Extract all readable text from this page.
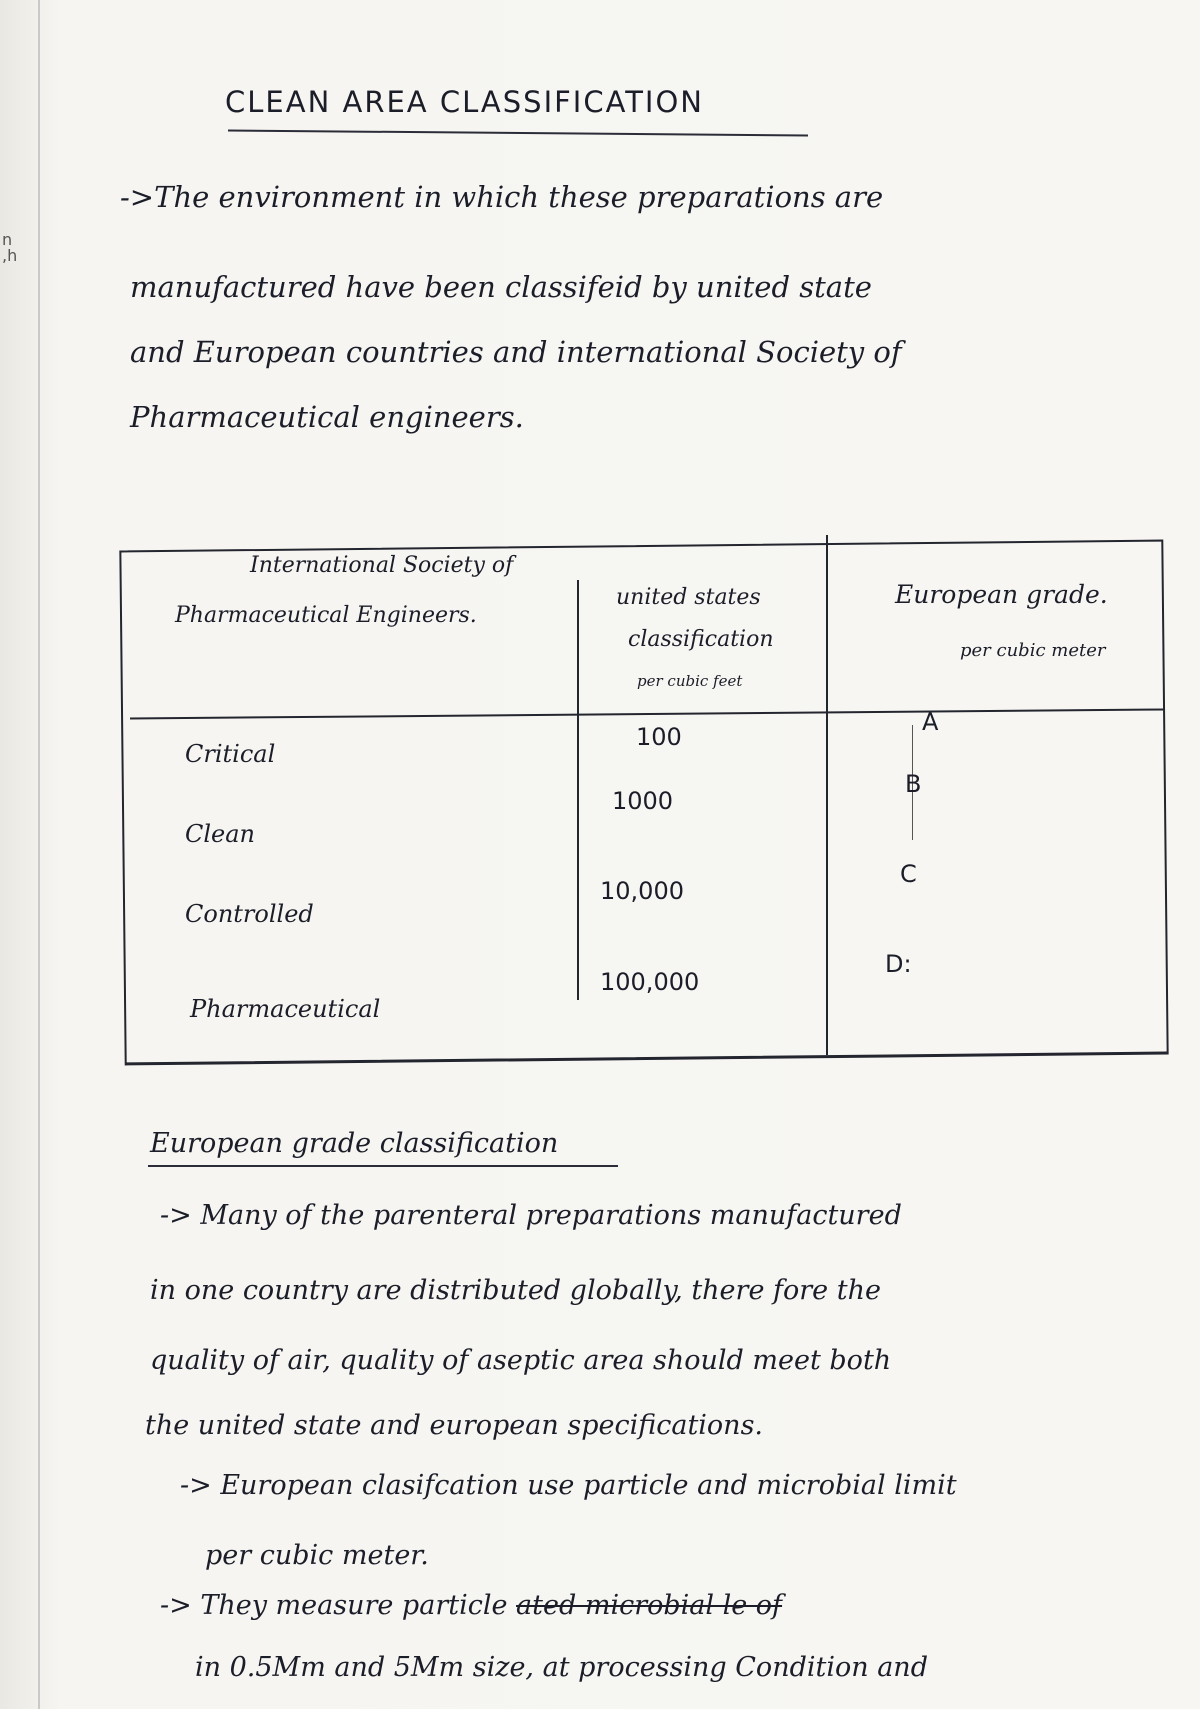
n
,h
CLEAN AREA CLASSIFICATION
->The environment in which these preparations are
manufactured have been classifeid by united state
and European countries and international Society of
Pharmaceutical engineers.
International Society of
Pharmaceutical Engineers.
united states
classification
per cubic feet
European grade.
per cubic meter
Critical
Clean
Controlled
Pharmaceutical
100
1000
10,000
100,000
A
B
C
D:
European grade classification
-> Many of the parenteral preparations manufactured
in one country are distributed globally, there fore the
quality of air, quality of aseptic area should meet both
the united state and european specifications.
-> European clasifcation use particle and microbial limit
per cubic meter.
-> They measure particle ated microbial le of
in 0.5Mm and 5Mm size, at processing Condition and
